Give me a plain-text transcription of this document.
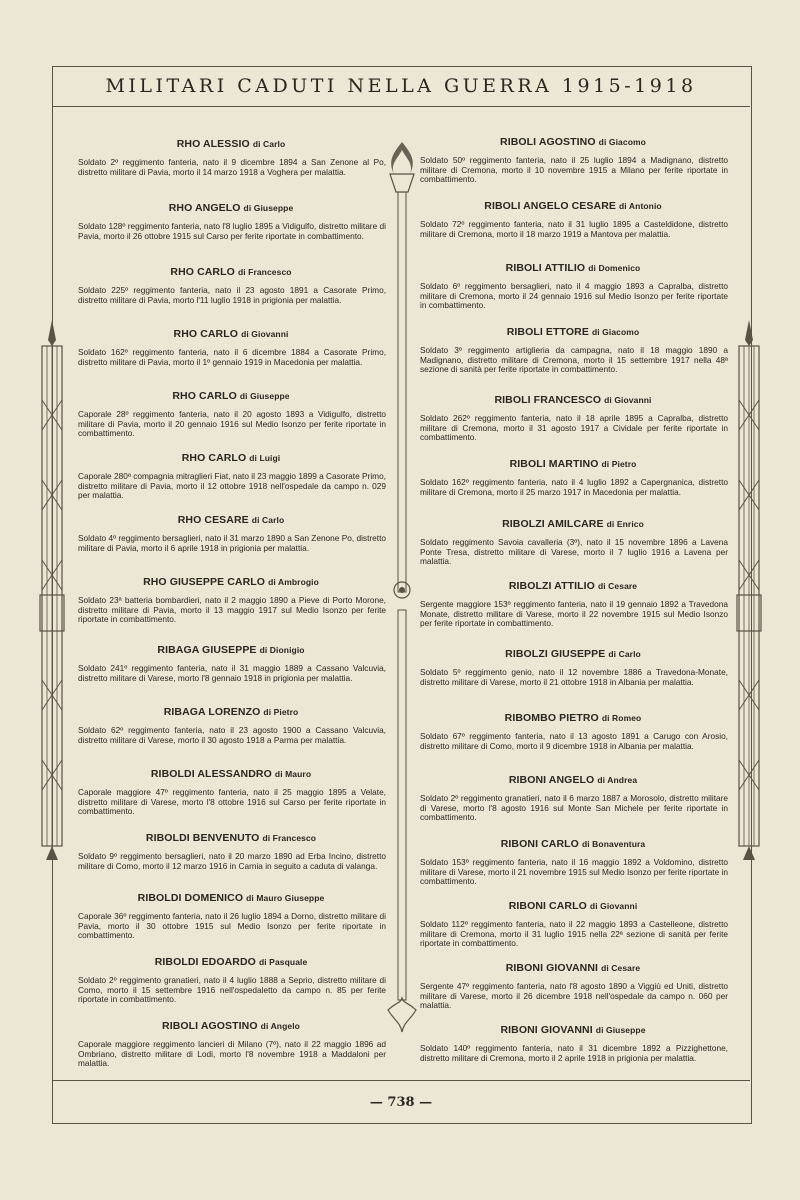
MILITARI CADUTI NELLA GUERRA 1915-1918
— 738 —
RHO ALESSIO di Carlo
Soldato 2º reggimento fanteria, nato il 9 dicembre 1894 a San Zenone al Po, distretto militare di Pavia, morto il 14 marzo 1918 a Voghera per malattia.
RHO ANGELO di Giuseppe
Soldato 128º reggimento fanteria, nato l'8 luglio 1895 a Vidigulfo, distretto militare di Pavia, morto il 26 ottobre 1915 sul Carso per ferite riportate in combattimento.
RHO CARLO di Francesco
Soldato 225º reggimento fanteria, nato il 23 agosto 1891 a Casorate Primo, distretto militare di Pavia, morto l'11 luglio 1918 in prigionia per malattia.
RHO CARLO di Giovanni
Soldato 162º reggimento fanteria, nato il 6 dicembre 1884 a Casorate Primo, distretto militare di Pavia, morto il 1º gennaio 1919 in Macedonia per malattia.
RHO CARLO di Giuseppe
Caporale 28º reggimento fanteria, nato il 20 agosto 1893 a Vidigulfo, distretto militare di Pavia, morto il 20 gennaio 1916 sul Medio Isonzo per ferite riportate in combattimento.
RHO CARLO di Luigi
Caporale 280ª compagnia mitraglieri Fiat, nato il 23 maggio 1899 a Casorate Primo, distretto militare di Pavia, morto il 12 ottobre 1918 nell'ospedale da campo n. 029 per malattia.
RHO CESARE di Carlo
Soldato 4º reggimento bersaglieri, nato il 31 marzo 1890 a San Zenone Po, distretto militare di Pavia, morto il 6 aprile 1918 in prigionia per malattia.
RHO GIUSEPPE CARLO di Ambrogio
Soldato 23ª batteria bombardieri, nato il 2 maggio 1890 a Pieve di Porto Morone, distretto militare di Pavia, morto il 13 maggio 1917 sul Medio Isonzo per ferite riportate in combattimento.
RIBAGA GIUSEPPE di Dionigio
Soldato 241º reggimento fanteria, nato il 31 maggio 1889 a Cassano Valcuvia, distretto militare di Varese, morto l'8 gennaio 1918 in prigionia per malattia.
RIBAGA LORENZO di Pietro
Soldato 62º reggimento fanteria, nato il 23 agosto 1900 a Cassano Valcuvia, distretto militare di Varese, morto il 30 agosto 1918 a Parma per malattia.
RIBOLDI ALESSANDRO di Mauro
Caporale maggiore 47º reggimento fanteria, nato il 25 maggio 1895 a Velate, distretto militare di Varese, morto l'8 ottobre 1916 sul Carso per ferite riportate in combattimento.
RIBOLDI BENVENUTO di Francesco
Soldato 9º reggimento bersaglieri, nato il 20 marzo 1890 ad Erba Incino, distretto militare di Como, morto il 12 marzo 1916 in Carnia in seguito a caduta di valanga.
RIBOLDI DOMENICO di Mauro Giuseppe
Caporale 36º reggimento fanteria, nato il 26 luglio 1894 a Dorno, distretto militare di Pavia, morto il 30 ottobre 1915 sul Medio Isonzo per ferite riportate in combattimento.
RIBOLDI EDOARDO di Pasquale
Soldato 2º reggimento granatieri, nato il 4 luglio 1888 a Seprio, distretto militare di Como, morto il 15 settembre 1916 nell'ospedaletto da campo n. 85 per ferite riportate in combattimento.
RIBOLI AGOSTINO di Angelo
Caporale maggiore reggimento lancieri di Milano (7º), nato il 22 maggio 1896 ad Ombriano, distretto militare di Lodi, morto l'8 novembre 1918 a Maddaloni per malattia.
RIBOLI AGOSTINO di Giacomo
Soldato 50º reggimento fanteria, nato il 25 luglio 1894 a Madignano, distretto militare di Cremona, morto il 10 novembre 1915 a Milano per ferite riportate in combattimento.
RIBOLI ANGELO CESARE di Antonio
Soldato 72º reggimento fanteria, nato il 31 luglio 1895 a Casteldidone, distretto militare di Cremona, morto il 18 marzo 1919 a Mantova per malattia.
RIBOLI ATTILIO di Domenico
Soldato 6º reggimento bersaglieri, nato il 4 maggio 1893 a Capralba, distretto militare di Cremona, morto il 24 gennaio 1916 sul Medio Isonzo per ferite riportate in combattimento.
RIBOLI ETTORE di Giacomo
Soldato 3º reggimento artiglieria da campagna, nato il 18 maggio 1890 a Madignano, distretto militare di Cremona, morto il 15 settembre 1917 nella 48ª sezione di sanità per ferite riportate in combattimento.
RIBOLI FRANCESCO di Giovanni
Soldato 262º reggimento fanteria, nato il 18 aprile 1895 a Capralba, distretto militare di Cremona, morto il 31 agosto 1917 a Cividale per ferite riportate in combattimento.
RIBOLI MARTINO di Pietro
Soldato 162º reggimento fanteria, nato il 4 luglio 1892 a Capergnanica, distretto militare di Cremona, morto il 25 marzo 1917 in Macedonia per malattia.
RIBOLZI AMILCARE di Enrico
Soldato reggimento Savoia cavalleria (3º), nato il 15 novembre 1896 a Lavena Ponte Tresa, distretto militare di Varese, morto il 7 luglio 1916 a Lavena per malattia.
RIBOLZI ATTILIO di Cesare
Sergente maggiore 153º reggimento fanteria, nato il 19 gennaio 1892 a Travedona Monate, distretto militare di Varese, morto il 22 novembre 1915 sul Medio Isonzo per ferite riportate in combattimento.
RIBOLZI GIUSEPPE di Carlo
Soldato 5º reggimento genio, nato il 12 novembre 1886 a Travedona-Monate, distretto militare di Varese, morto il 21 ottobre 1918 in Albania per malattia.
RIBOMBO PIETRO di Romeo
Soldato 67º reggimento fanteria, nato il 13 agosto 1891 a Carugo con Arosio, distretto militare di Como, morto il 9 dicembre 1918 in Albania per malattia.
RIBONI ANGELO di Andrea
Soldato 2º reggimento granatieri, nato il 6 marzo 1887 a Morosolo, distretto militare di Varese, morto l'8 agosto 1916 sul Monte San Michele per ferite riportate in combattimento.
RIBONI CARLO di Bonaventura
Soldato 153º reggimento fanteria, nato il 16 maggio 1892 a Voldomino, distretto militare di Varese, morto il 21 novembre 1915 sul Medio Isonzo per ferite riportate in combattimento.
RIBONI CARLO di Giovanni
Soldato 112º reggimento fanteria, nato il 22 maggio 1893 a Castelleone, distretto militare di Cremona, morto il 31 luglio 1915 nella 22ª sezione di sanità per ferite riportate in combattimento.
RIBONI GIOVANNI di Cesare
Sergente 47º reggimento fanteria, nato l'8 agosto 1890 a Viggiù ed Uniti, distretto militare di Varese, morto il 26 dicembre 1918 nell'ospedale da campo n. 060 per malattia.
RIBONI GIOVANNI di Giuseppe
Soldato 140º reggimento fanteria, nato il 31 dicembre 1892 a Pizzighettone, distretto militare di Cremona, morto il 2 aprile 1918 in prigionia per malattia.
